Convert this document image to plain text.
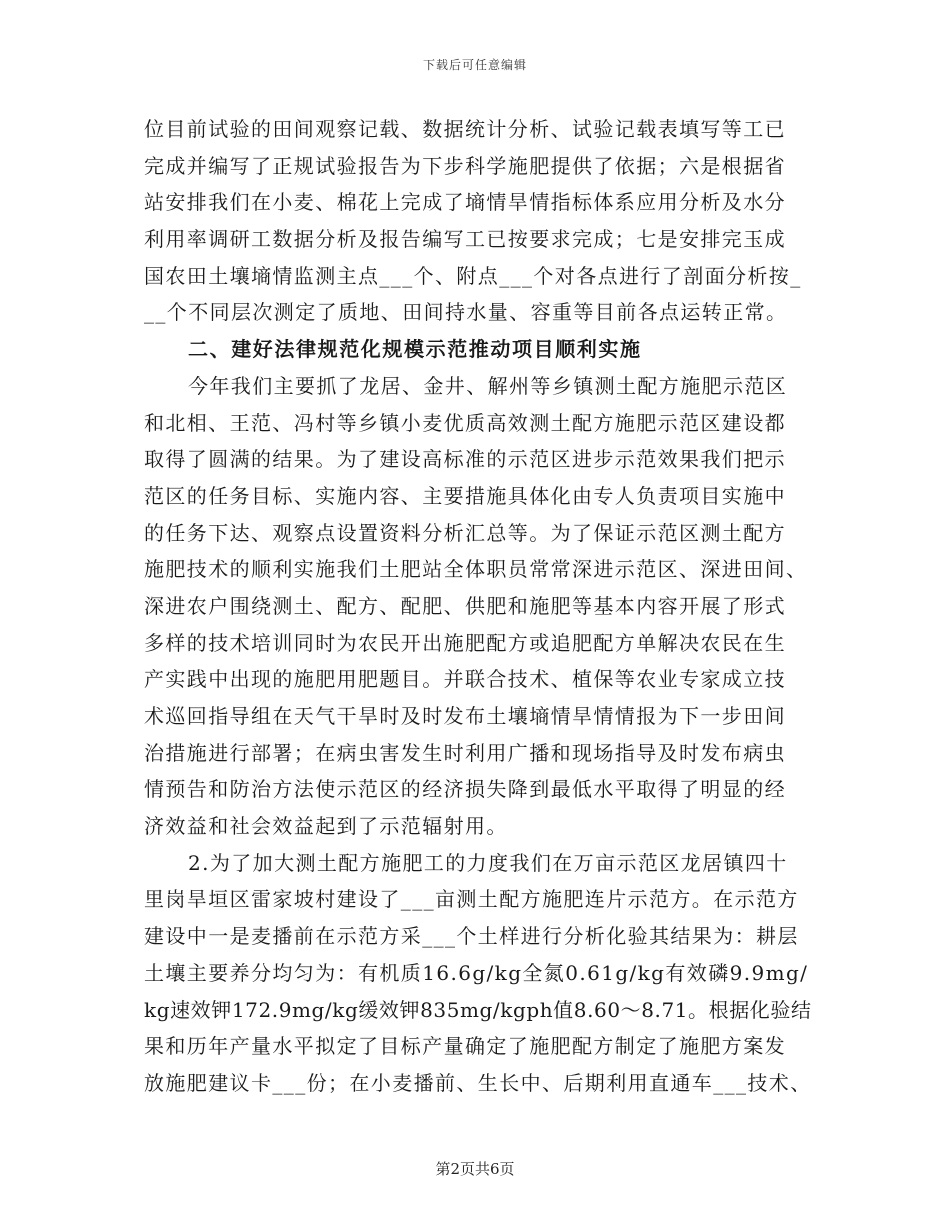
下载后可任意编辑
位目前试验的田间观察记载、数据统计分析、试验记载表填写等工已
完成并编写了正规试验报告为下步科学施肥提供了依据；六是根据省
站安排我们在小麦、棉花上完成了墒情旱情指标体系应用分析及水分
利用率调研工数据分析及报告编写工已按要求完成；七是安排完玉成
国农田土壤墒情监测主点___个、附点___个对各点进行了剖面分析按_
__个不同层次测定了质地、田间持水量、容重等目前各点运转正常。
二、建好法律规范化规模示范推动项目顺利实施
今年我们主要抓了龙居、金井、解州等乡镇测土配方施肥示范区
和北相、王范、冯村等乡镇小麦优质高效测土配方施肥示范区建设都
取得了圆满的结果。为了建设高标准的示范区进步示范效果我们把示
范区的任务目标、实施内容、主要措施具体化由专人负责项目实施中
的任务下达、观察点设置资料分析汇总等。为了保证示范区测土配方
施肥技术的顺利实施我们土肥站全体职员常常深进示范区、深进田间、
深进农户围绕测土、配方、配肥、供肥和施肥等基本内容开展了形式
多样的技术培训同时为农民开出施肥配方或追肥配方单解决农民在生
产实践中出现的施肥用肥题目。并联合技术、植保等农业专家成立技
术巡回指导组在天气干旱时及时发布土壤墒情旱情情报为下一步田间
治措施进行部署；在病虫害发生时利用广播和现场指导及时发布病虫
情预告和防治方法使示范区的经济损失降到最低水平取得了明显的经
济效益和社会效益起到了示范辐射用。
2.为了加大测土配方施肥工的力度我们在万亩示范区龙居镇四十
里岗旱垣区雷家坡村建设了___亩测土配方施肥连片示范方。在示范方
建设中一是麦播前在示范方采___个土样进行分析化验其结果为：耕层
土壤主要养分均匀为：有机质16.6g/kg全氮0.61g/kg有效磷9.9mg/
kg速效钾172.9mg/kg缓效钾835mg/kgph值8.60～8.71。根据化验结
果和历年产量水平拟定了目标产量确定了施肥配方制定了施肥方案发
放施肥建议卡___份；在小麦播前、生长中、后期利用直通车___技术、
第2页共6页
